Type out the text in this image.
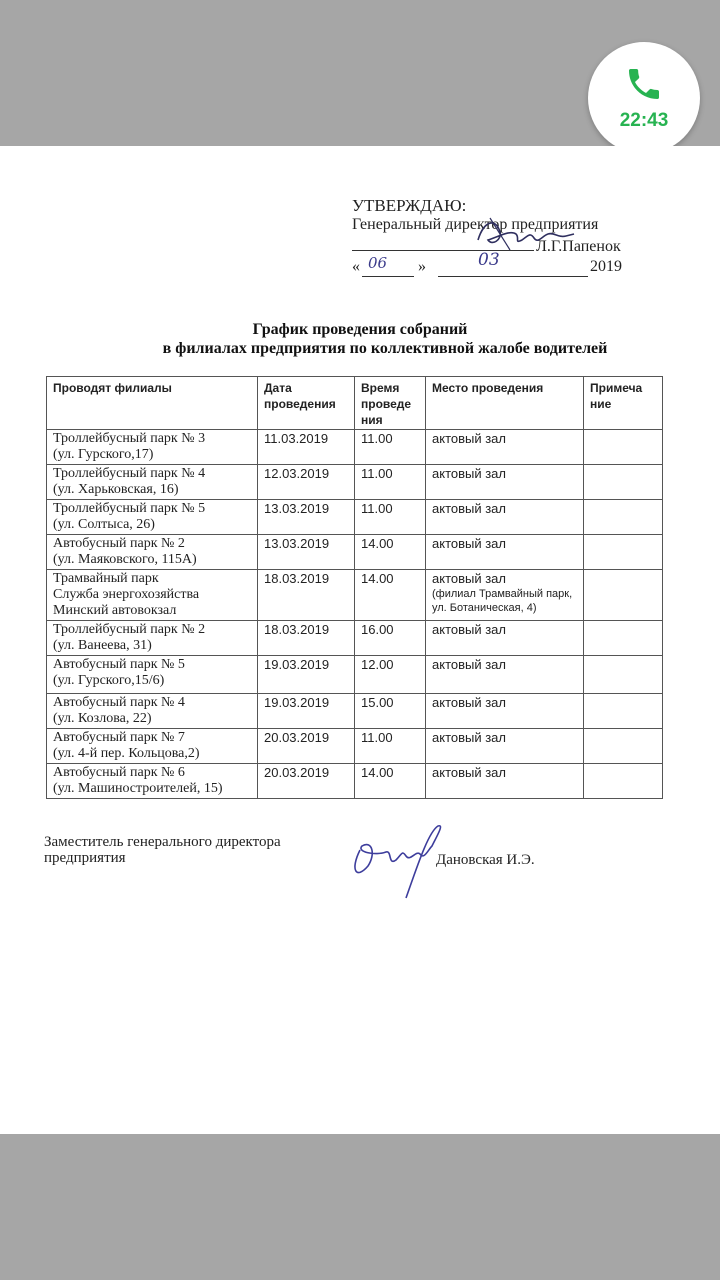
22:43
УТВЕРЖДАЮ:
Генеральный директор предприятия
Л.Г.Папенок
«	»	2019
06	03
График проведения собраний
в филиалах предприятия по коллективной жалобе водителей
Проводят филиалы	Дата проведения	Время проведе ния	Место проведения	Примеча ние
Троллейбусный парк № 3
(ул. Гурского,17)	11.03.2019	11.00	актовый зал	
Троллейбусный парк № 4
(ул. Харьковская, 16)	12.03.2019	11.00	актовый зал	
Троллейбусный парк № 5
(ул. Солтыса, 26)	13.03.2019	11.00	актовый зал	
Автобусный парк № 2
(ул. Маяковского, 115А)	13.03.2019	14.00	актовый зал	
Трамвайный парк
Служба энергохозяйства
Минский автовокзал	18.03.2019	14.00	актовый зал
(филиал Трамвайный парк, ул. Ботаническая, 4)	

Троллейбусный парк № 2
(ул. Ванеева, 31)	18.03.2019	16.00	актовый зал	
Автобусный парк № 5
(ул. Гурского,15/6)	19.03.2019	12.00	актовый зал	
Автобусный парк № 4
(ул. Козлова, 22)	19.03.2019	15.00	актовый зал	
Автобусный парк № 7
(ул. 4-й пер. Кольцова,2)	20.03.2019	11.00	актовый зал	
Автобусный парк № 6
(ул. Машиностроителей, 15)	20.03.2019	14.00	актовый зал	
Заместитель генерального директора
предприятия	Дановская И.Э.
